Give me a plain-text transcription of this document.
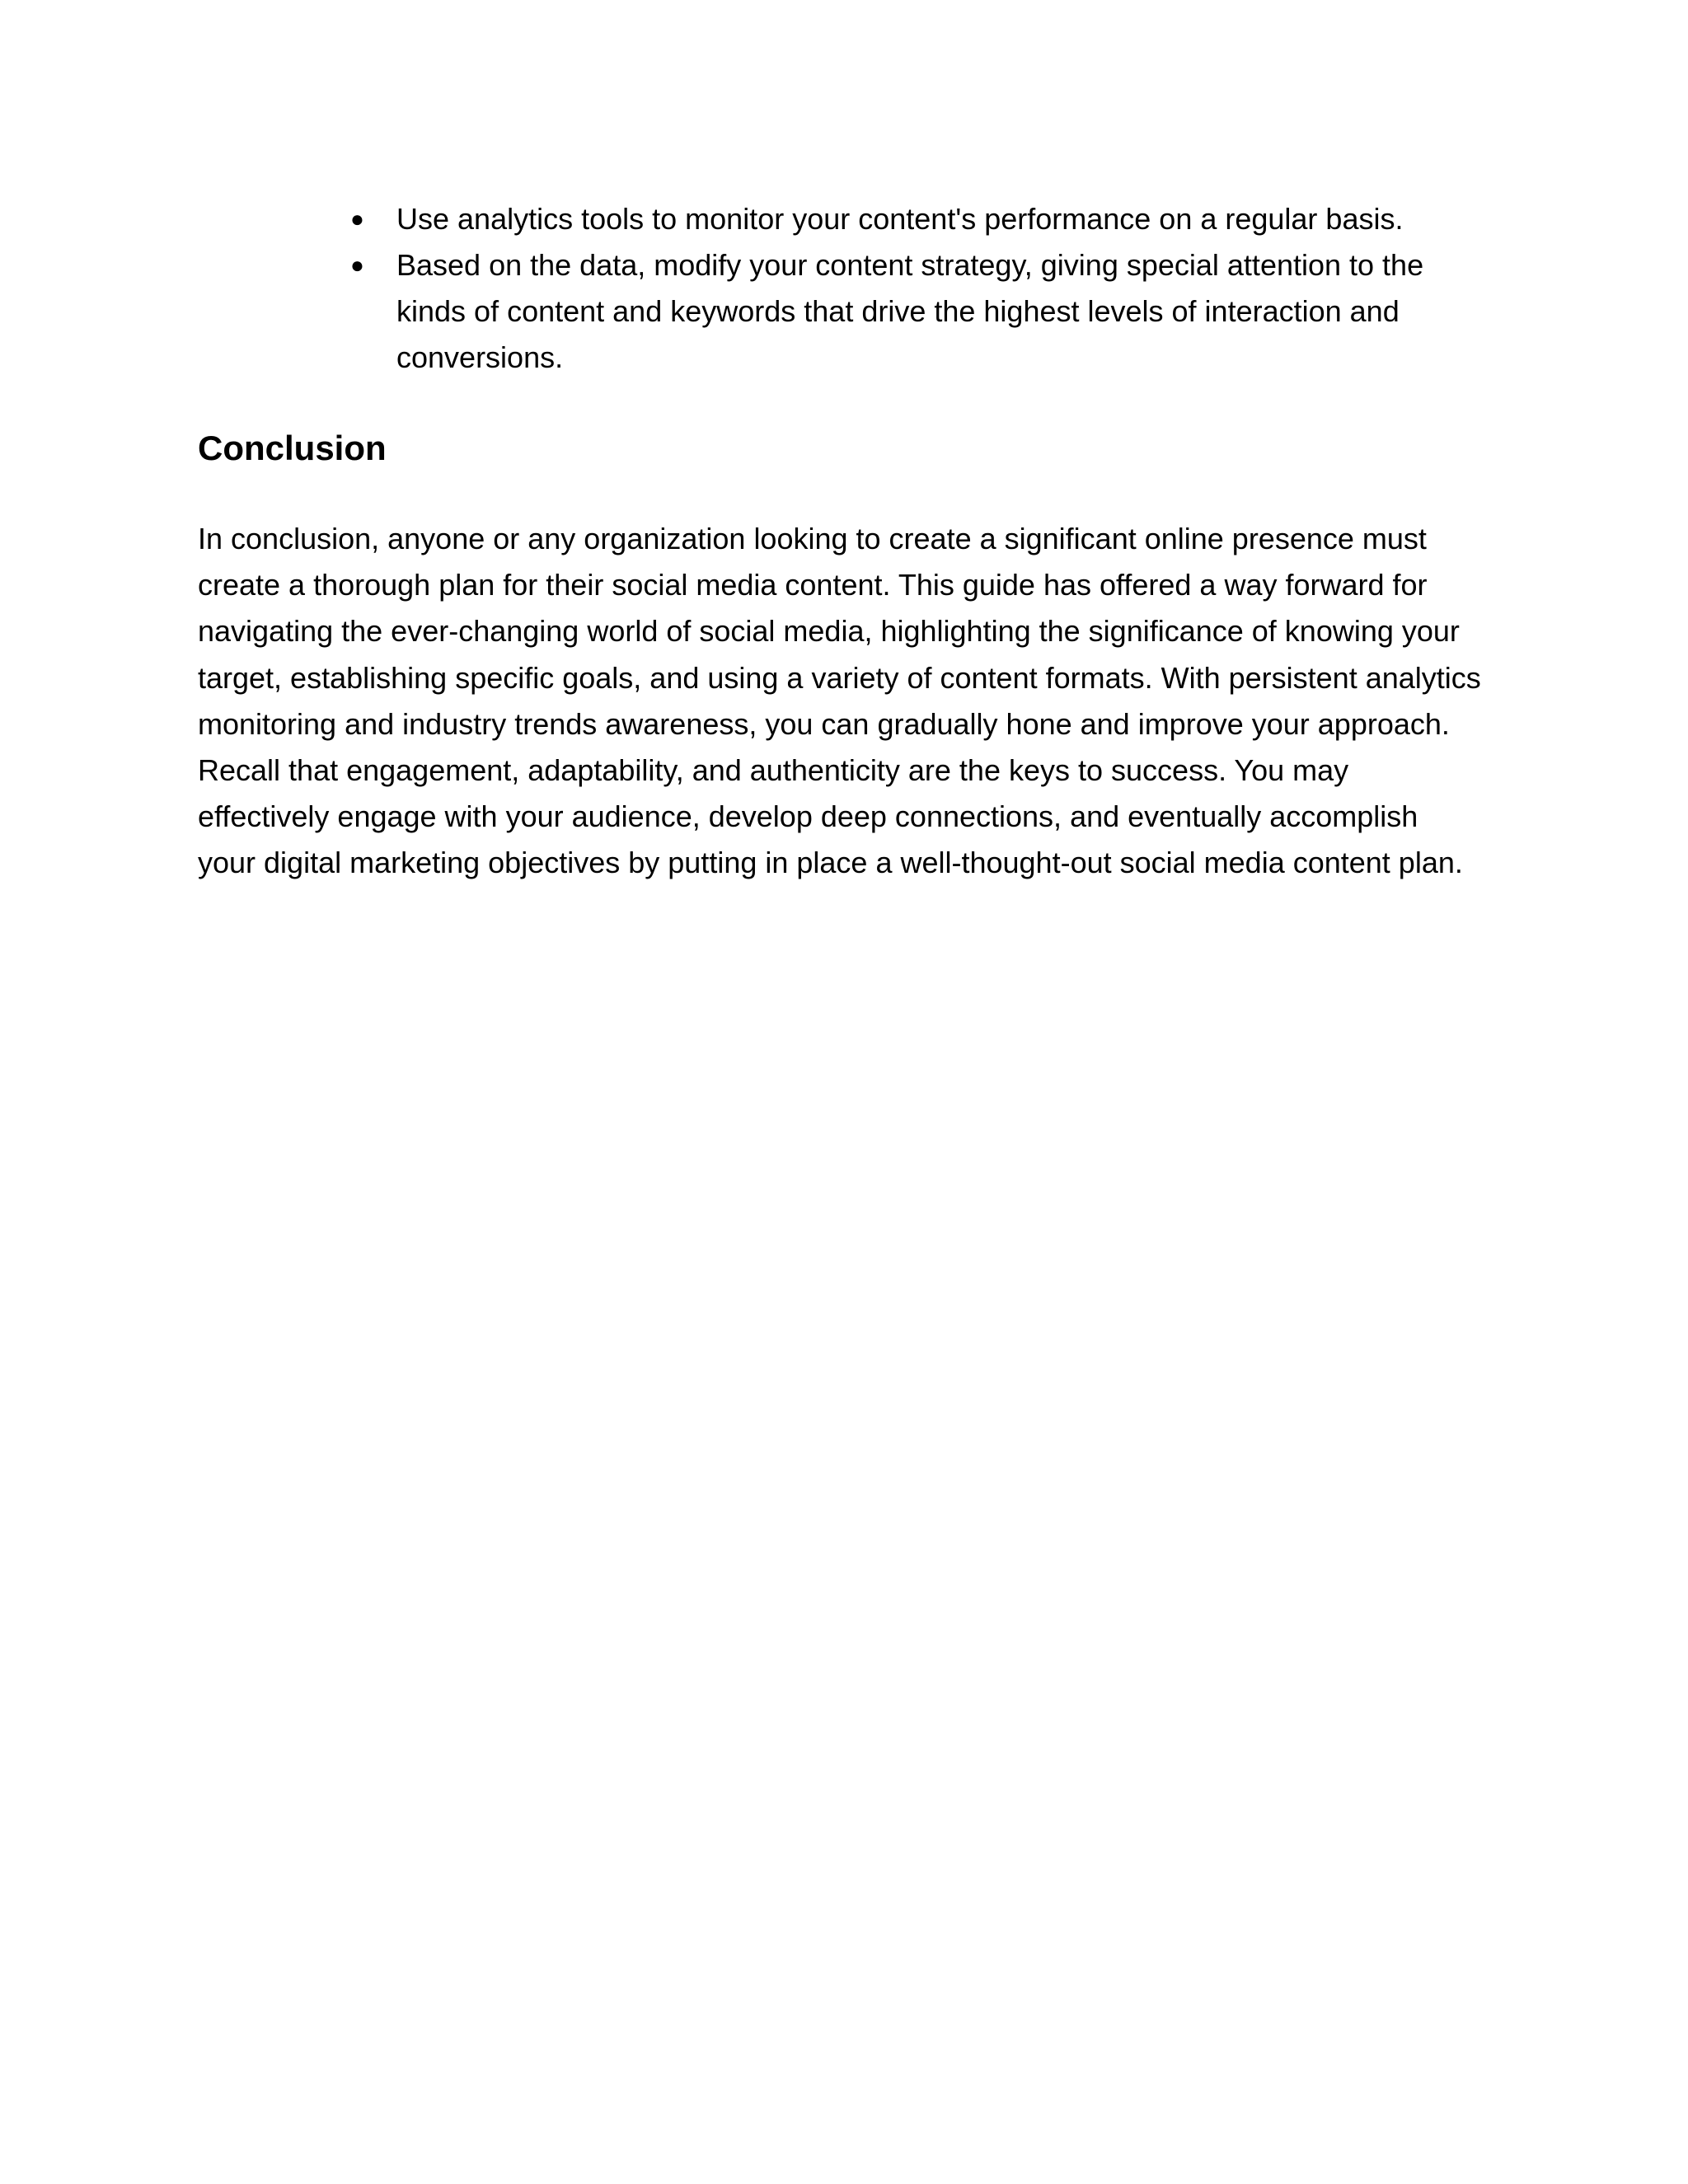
● Use analytics tools to monitor your content's performance on a regular basis.
● Based on the data, modify your content strategy, giving special attention to the kinds of content and keywords that drive the highest levels of interaction and conversions.
Conclusion

In conclusion, anyone or any organization looking to create a significant online presence must create a thorough plan for their social media content. This guide has offered a way forward for navigating the ever-changing world of social media, highlighting the significance of knowing your target, establishing specific goals, and using a variety of content formats. With persistent analytics monitoring and industry trends awareness, you can gradually hone and improve your approach. Recall that engagement, adaptability, and authenticity are the keys to success. You may effectively engage with your audience, develop deep connections, and eventually accomplish your digital marketing objectives by putting in place a well-thought-out social media content plan.
